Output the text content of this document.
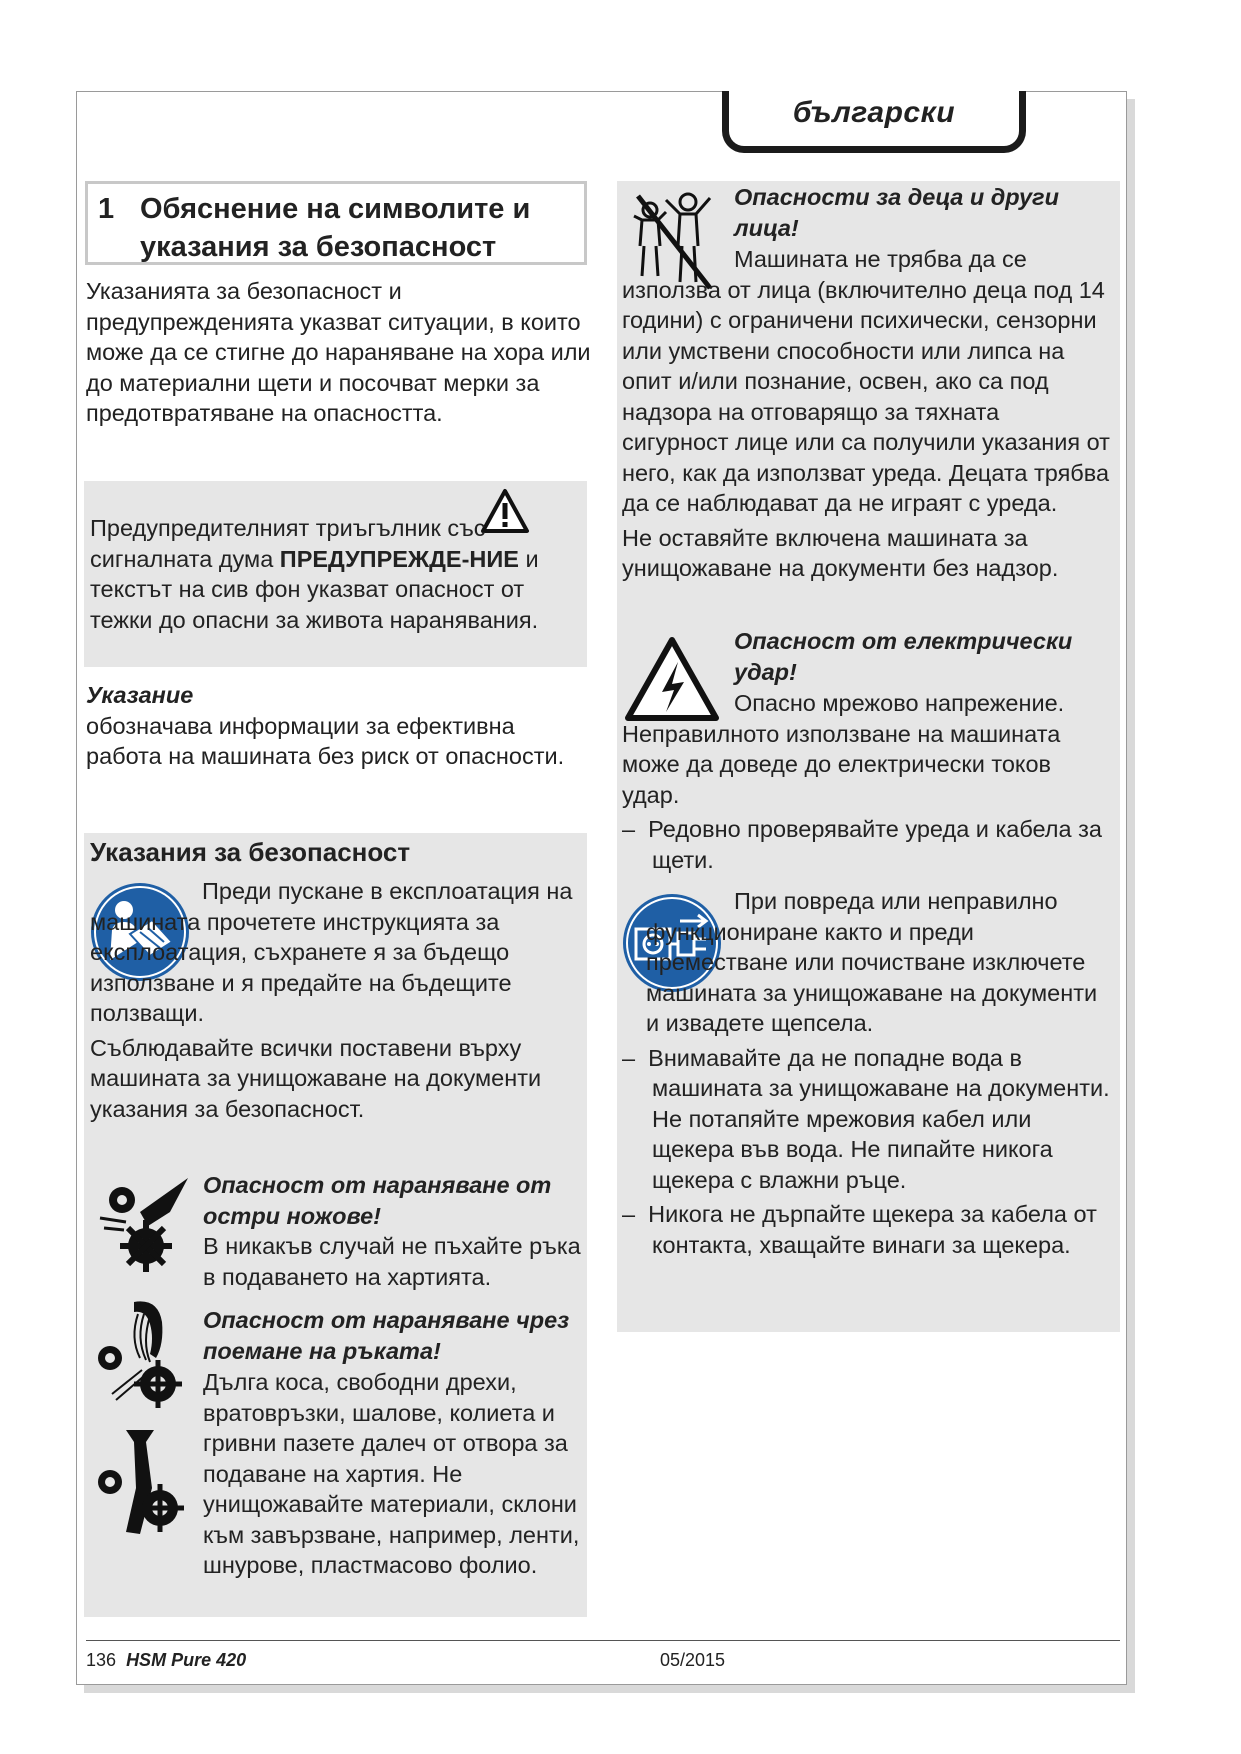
български
1 Обяснение на символите и указания за безопасност

Указанията за безопасност и предупрежденията указват ситуации, в които може да се стигне до нараняване на хора или до материални щети и посочват мерки за предотвратяване на опасността.

Предупредителният триъгълник със сигналната дума ПРЕДУПРЕЖДЕ-НИЕ и текстът на сив фон указват опасност от тежки до опасни за живота наранявания.

Указание

обозначава информации за ефективна работа на машината без риск от опасности.

Указания за безопасност

Преди пускане в експлоатация на машината прочетете инструкцията за експлоатация, съхранете я за бъдещо използване и я предайте на бъдещите ползващи.

Съблюдавайте всички поставени върху машината за унищожаване на документи указания за безопасност.

Опасност от нараняване от остри ножове!

В никакъв случай не пъхайте ръка в подаването на хартията.

Опасност от нараняване чрез поемане на ръката!

Дълга коса, свободни дрехи, вратовръзки, шалове, колиета и гривни пазете далеч от отвора за подаване на хартия. Не унищожавайте материали, склони към завързване, например, ленти, шнурове, пластмасово фолио.

Опасности за деца и други лица!

Машината не трябва да се използва от лица (включително деца под 14 години) с ограничени психически, сензорни или умствени способности или липса на опит и/или познание, освен, ако са под надзора на отговарящо за тяхната сигурност лице или са получили указания от него, как да използват уреда. Децата трябва да се наблюдават да не играят с уреда.

Не оставяйте включена машината за унищожаване на документи без надзор.

Опасност от електрически удар!

Опасно мрежово напрежение. Неправилното използване на машината може да доведе до електрически токов удар.

–  Редовно проверявайте уреда и кабела за щети.

При повреда или неправилно функциониране както и преди преместване или почистване изключете машината за унищожаване на документи и извадете щепсела.

–  Внимавайте да не попадне вода в машината за унищожаване на документи. Не потапяйте мрежовия кабел или щекера във вода. Не пипайте никога щекера с влажни ръце.

–  Никога не дърпайте щекера за кабела от контакта, хващайте винаги за щекера.

136 HSM Pure 420	05/2015
